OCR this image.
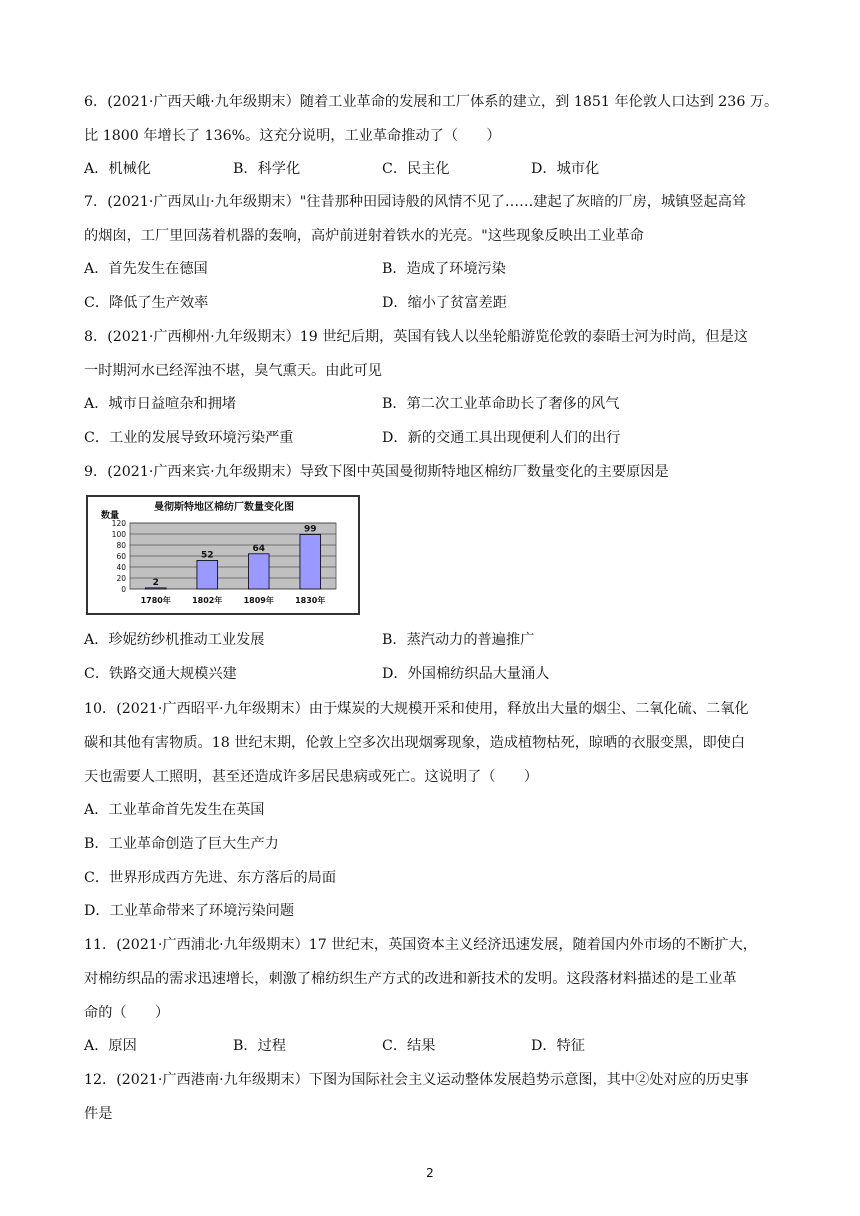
6．(2021·广西天峨·九年级期末）随着工业革命的发展和工厂体系的建立，到 1851 年伦敦人口达到 236 万。
比 1800 年增长了 136%。这充分说明，工业革命推动了（　　）
A．机械化	B．科学化	C．民主化	D．城市化
7．(2021·广西凤山·九年级期末）"往昔那种田园诗般的风情不见了……建起了灰暗的厂房，城镇竖起高耸
的烟囱，工厂里回荡着机器的轰响，高炉前迸射着铁水的光亮。"这些现象反映出工业革命
A．首先发生在德国	B．造成了环境污染
C．降低了生产效率	D．缩小了贫富差距
8．(2021·广西柳州·九年级期末）19 世纪后期，英国有钱人以坐轮船游览伦敦的泰晤士河为时尚，但是这
一时期河水已经浑浊不堪，臭气熏天。由此可见
A．城市日益喧杂和拥堵	B．第二次工业革命助长了奢侈的风气
C．工业的发展导致环境污染严重	D．新的交通工具出现便利人们的出行
9．(2021·广西来宾·九年级期末）导致下图中英国曼彻斯特地区棉纺厂数量变化的主要原因是
曼彻斯特地区棉纺厂数量变化图
数量
0
20
40
60
80
100
120
2
1780年
52
1802年
64
1809年
99
1830年
A．珍妮纺纱机推动工业发展	B．蒸汽动力的普遍推广
C．铁路交通大规模兴建	D．外国棉纺织品大量涌人
10．(2021·广西昭平·九年级期末）由于煤炭的大规模开采和使用，释放出大量的烟尘、二氧化硫、二氧化
碳和其他有害物质。18 世纪末期，伦敦上空多次出现烟雾现象，造成植物枯死，晾晒的衣服变黑，即使白
天也需要人工照明，甚至还造成许多居民患病或死亡。这说明了（　　）
A．工业革命首先发生在英国
B．工业革命创造了巨大生产力
C．世界形成西方先进、东方落后的局面
D．工业革命带来了环境污染问题
11．(2021·广西浦北·九年级期末）17 世纪末，英国资本主义经济迅速发展，随着国内外市场的不断扩大，
对棉纺织品的需求迅速增长，刺激了棉纺织生产方式的改进和新技术的发明。这段落材料描述的是工业革
命的（　　）
A．原因	B．过程	C．结果	D．特征
12．(2021·广西港南·九年级期末）下图为国际社会主义运动整体发展趋势示意图，其中②处对应的历史事
件是
2
